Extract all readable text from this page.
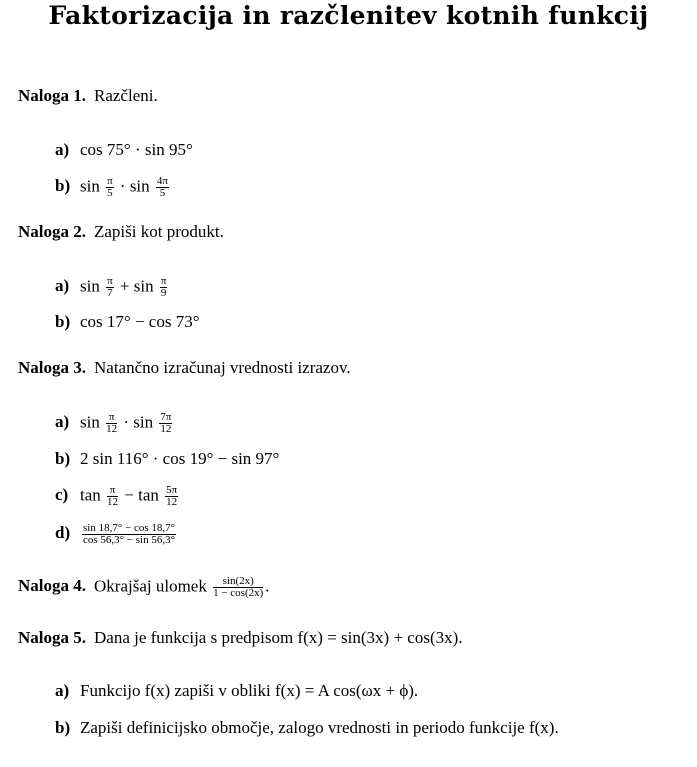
Faktorizacija in razčlenitev kotnih funkcij
Naloga 1. Razčleni.
a) cos 75° · sin 95°
b) $\sin \frac{\pi}{5} \cdot \sin \frac{4\pi}{5}$
Naloga 2. Zapiši kot produkt.
a) $\sin \frac{\pi}{7} + \sin \frac{\pi}{9}$
b) cos 17° − cos 73°
Naloga 3. Natančno izračunaj vrednosti izrazov.
a) $\sin \frac{\pi}{12} \cdot \sin \frac{7\pi}{12}$
b) 2 sin 116° · cos 19° − sin 97°
c) $\tan \frac{\pi}{12} - \tan \frac{5\pi}{12}$
$d) \frac{\sin 18,7^\circ - \cos 18,7^\circ}{\cos 56,3^\circ - \sin 56,3^\circ}$
Naloga 4. Okrajšaj ulomek $\frac{\sin(2x)}{1 - \cos(2x)}$ .
Naloga 5. Dana je funkcija s predpisom f(x) = sin(3x) + cos(3x).
a) Funkcijo f(x) zapiši v obliki f(x) = A cos(ωx + ϕ).
b) Zapiši definicijsko območje, zalogo vrednosti in periodo funkcije f(x).
